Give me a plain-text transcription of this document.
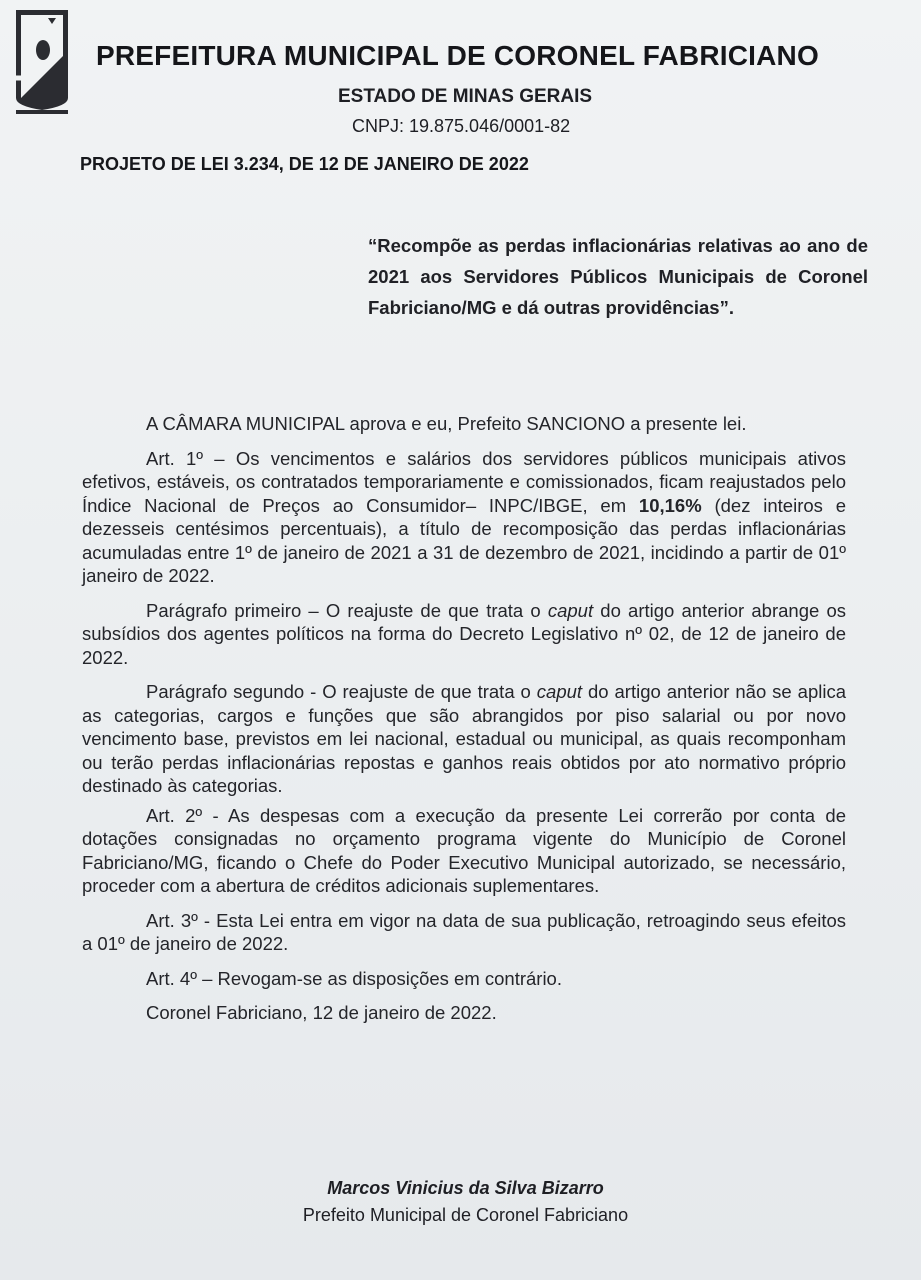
PREFEITURA MUNICIPAL DE CORONEL FABRICIANO
ESTADO DE MINAS GERAIS
CNPJ: 19.875.046/0001-82
PROJETO DE LEI 3.234, DE 12 DE JANEIRO DE 2022
“Recompõe as perdas inflacionárias relativas ao ano de 2021 aos Servidores Públicos Municipais de Coronel Fabriciano/MG e dá outras providências”.

A CÂMARA MUNICIPAL aprova e eu, Prefeito SANCIONO a presente lei.

Art. 1º – Os vencimentos e salários dos servidores públicos municipais ativos efetivos, estáveis, os contratados temporariamente e comissionados, ficam reajustados pelo Índice Nacional de Preços ao Consumidor– INPC/IBGE, em 10,16% (dez inteiros e dezesseis centésimos percentuais), a título de recomposição das perdas inflacionárias acumuladas entre 1º de janeiro de 2021 a 31 de dezembro de 2021, incidindo a partir de 01º janeiro de 2022.

Parágrafo primeiro – O reajuste de que trata o caput do artigo anterior abrange os subsídios dos agentes políticos na forma do Decreto Legislativo nº 02, de 12 de janeiro de 2022.

Parágrafo segundo - O reajuste de que trata o caput do artigo anterior não se aplica as categorias, cargos e funções que são abrangidos por piso salarial ou por novo vencimento base, previstos em lei nacional, estadual ou municipal, as quais recomponham ou terão perdas inflacionárias repostas e ganhos reais obtidos por ato normativo próprio destinado às categorias.

Art. 2º - As despesas com a execução da presente Lei correrão por conta de dotações consignadas no orçamento programa vigente do Município de Coronel Fabriciano/MG, ficando o Chefe do Poder Executivo Municipal autorizado, se necessário, proceder com a abertura de créditos adicionais suplementares.

Art. 3º - Esta Lei entra em vigor na data de sua publicação, retroagindo seus efeitos a 01º de janeiro de 2022.

Art. 4º – Revogam-se as disposições em contrário.

Coronel Fabriciano, 12 de janeiro de 2022.

Marcos Vinicius da Silva Bizarro
Prefeito Municipal de Coronel Fabriciano
